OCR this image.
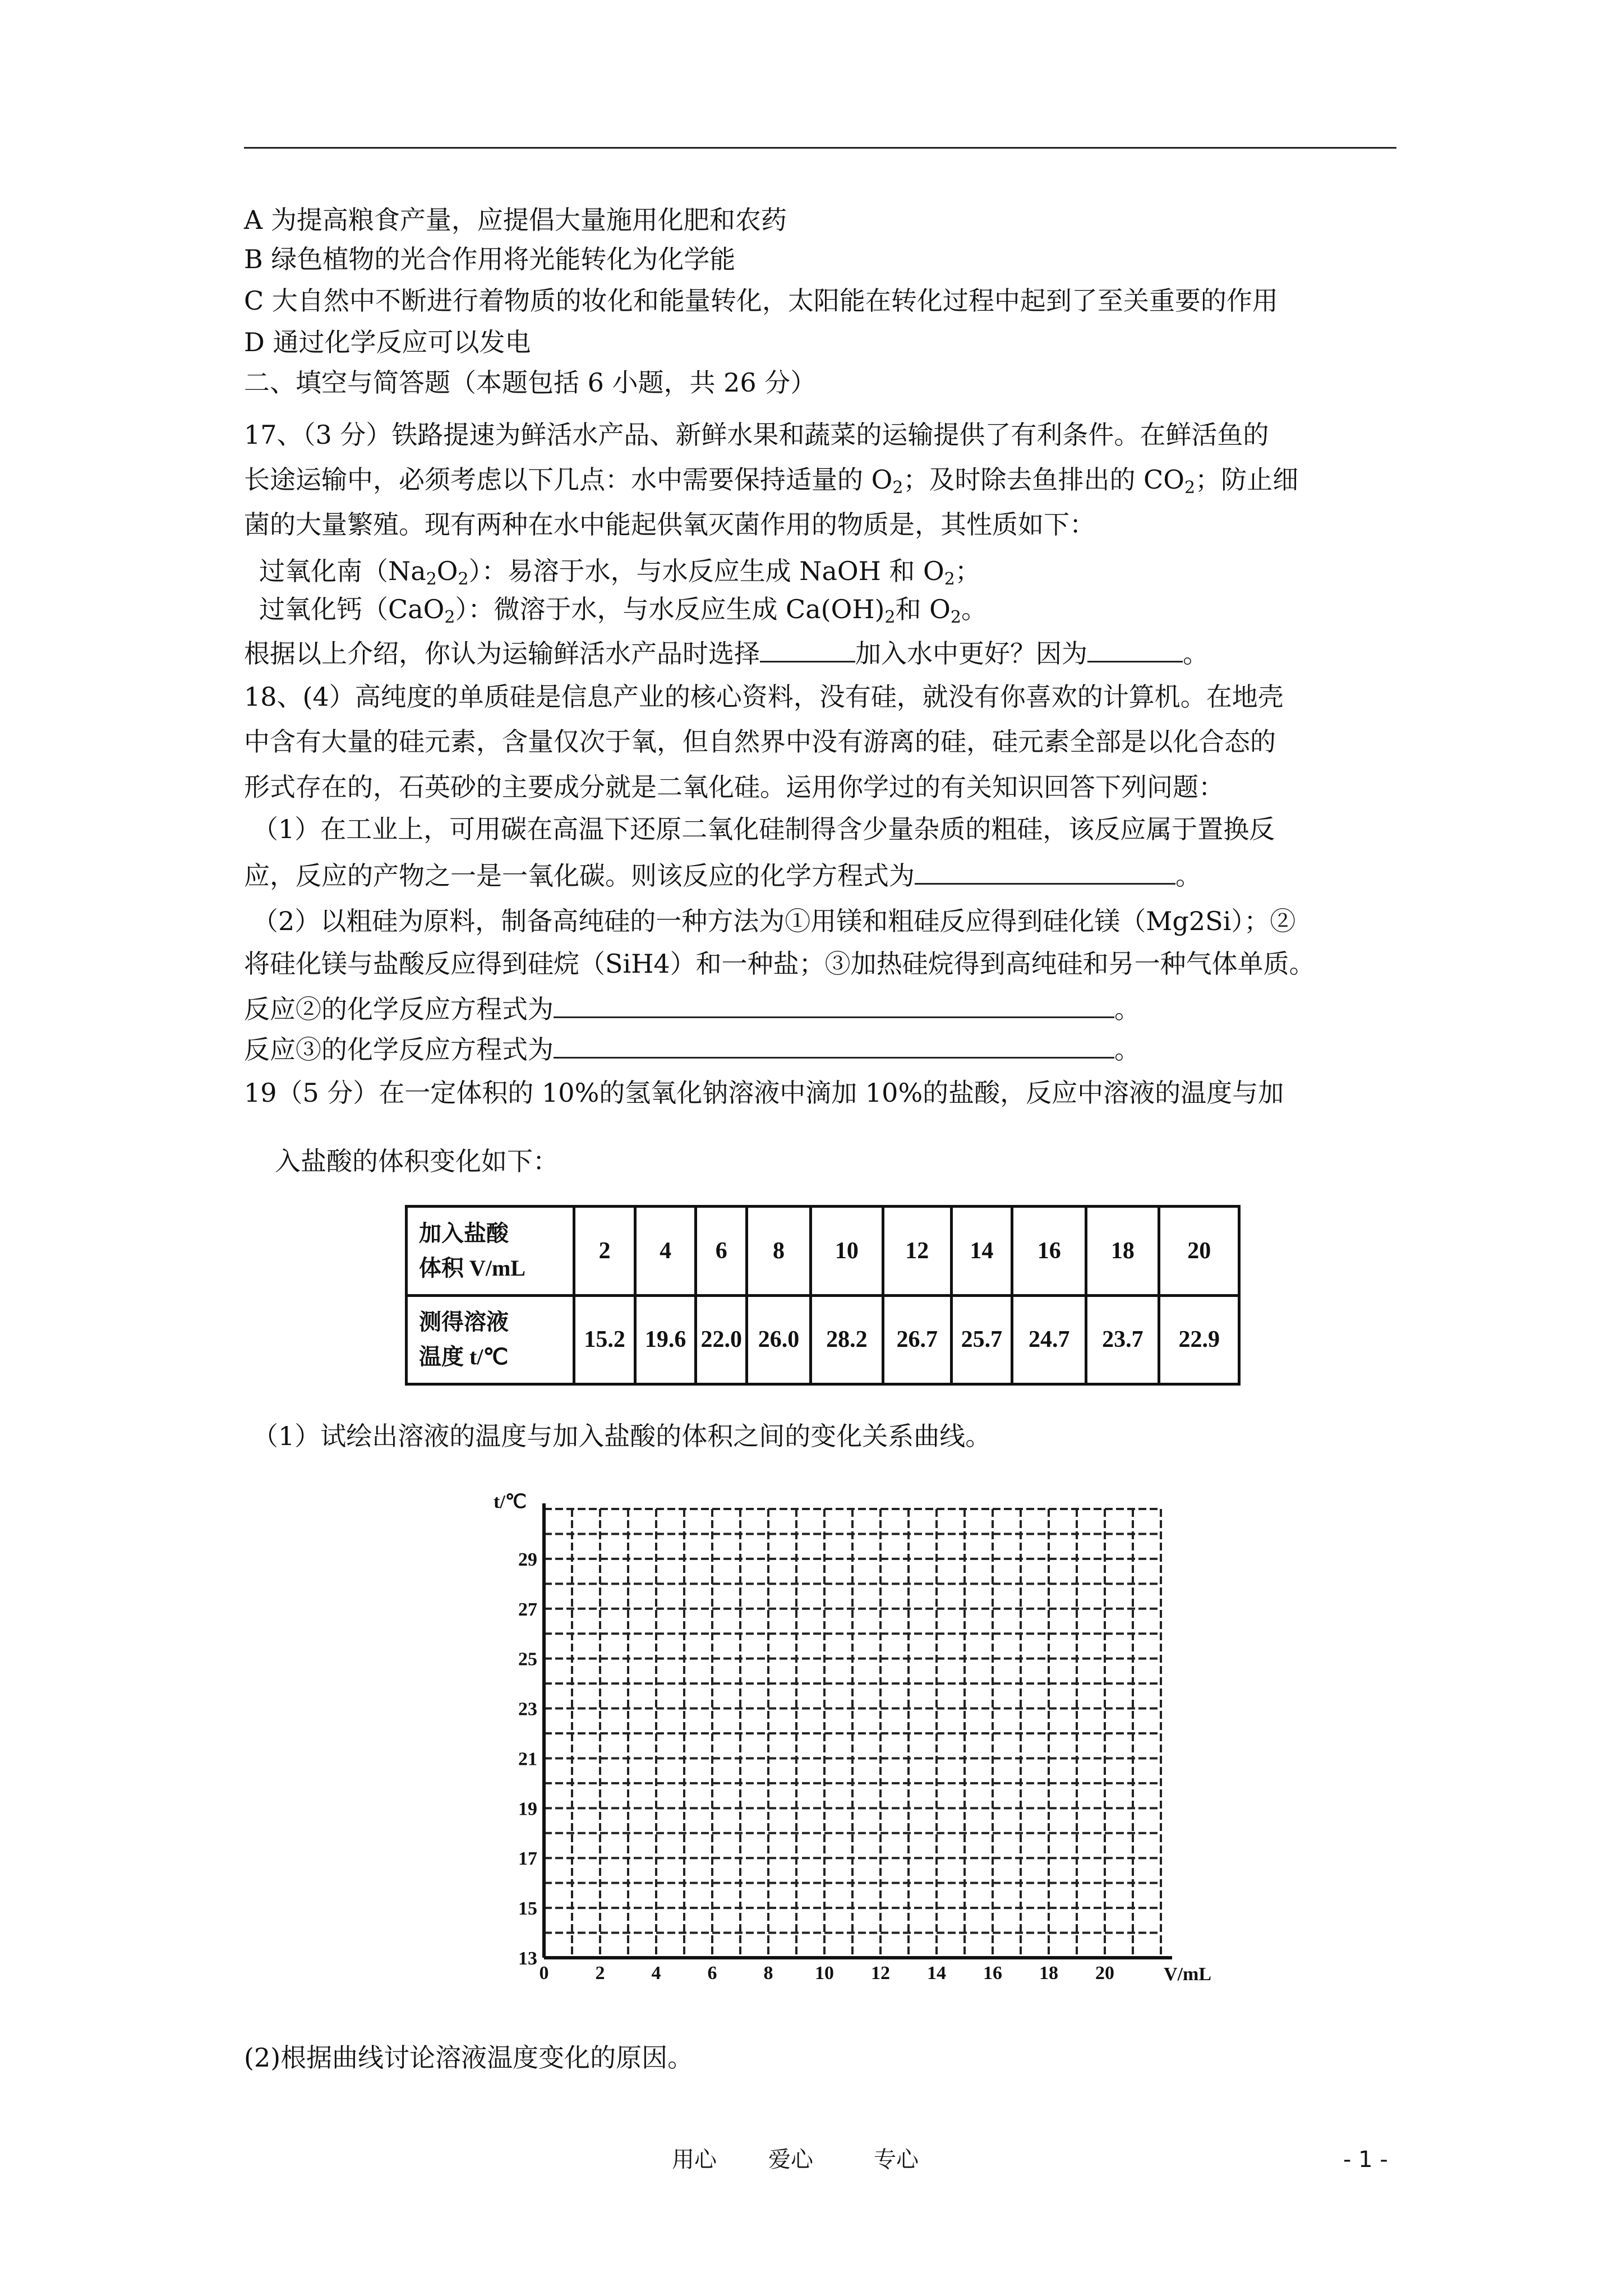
A 为提高粮食产量，应提倡大量施用化肥和农药
B 绿色植物的光合作用将光能转化为化学能
C 大自然中不断进行着物质的妆化和能量转化，太阳能在转化过程中起到了至关重要的作用
D 通过化学反应可以发电
二、填空与简答题（本题包括 6 小题，共 26 分）
17、（3 分）铁路提速为鲜活水产品、新鲜水果和蔬菜的运输提供了有利条件。在鲜活鱼的
长途运输中，必须考虑以下几点：水中需要保持适量的 $O_2$；及时除去鱼排出的 $CO_2$；防止细
菌的大量繁殖。现有两种在水中能起供氧灭菌作用的物质是，其性质如下：
过氧化南$(Na_2O_2)$：易溶于水，与水反应生成 NaOH 和 $O_2$；
过氧化钙（CaO$_2$）：微溶于水，与水反应生成 $Ca(OH)_2$和 $O_2$。
根据以上介绍，你认为运输鲜活水产品时选择	加入水中更好？因为	。
18、(4）高纯度的单质硅是信息产业的核心资料，没有硅，就没有你喜欢的计算机。在地壳
中含有大量的硅元素，含量仅次于氧，但自然界中没有游离的硅，硅元素全部是以化合态的
形式存在的，石英砂的主要成分就是二氧化硅。运用你学过的有关知识回答下列问题：
（1）在工业上，可用碳在高温下还原二氧化硅制得含少量杂质的粗硅，该反应属于置换反
应，反应的产物之一是一氧化碳。则该反应的化学方程式为	。
（2）以粗硅为原料，制备高纯硅的一种方法为①用镁和粗硅反应得到硅化镁（Mg2Si）；②
将硅化镁与盐酸反应得到硅烷（SiH4）和一种盐；③加热硅烷得到高纯硅和另一种气体单质。
反应②的化学反应方程式为	。
反应③的化学反应方程式为	。
19（5 分）在一定体积的 10%的氢氧化钠溶液中滴加 10%的盐酸，反应中溶液的温度与加
入盐酸的体积变化如下：
加入盐酸
体积 V/mL	2	4	6	8	10	12	14	16	18	20

测得溶液
温度 t/℃	15.2	19.6	22.0	26.0	28.2	26.7	25.7	24.7	23.7	22.9
（1）试绘出溶液的温度与加入盐酸的体积之间的变化关系曲线。
0 2 4 6 8 10 12 14 16 18 20
13
15
17
19
21
23
25
27
29
t/℃
V/mL
(2)根据曲线讨论溶液温度变化的原因。
用心 爱心	专心	- 1 -
